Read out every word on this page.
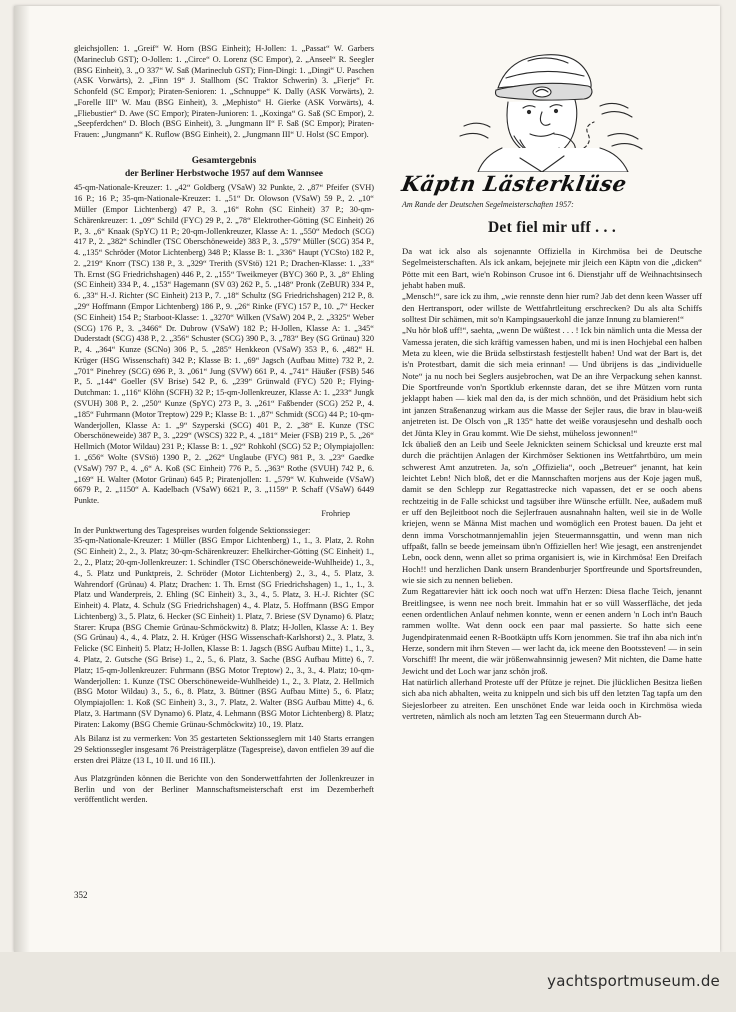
gleichsjollen: 1. „Greif“ W. Horn (BSG Einheit); H-Jollen: 1. „Passat“ W. Garbers (Marineclub GST); O-Jollen: 1. „Circe“ O. Lorenz (SC Empor), 2. „Anseel“ R. Seegler (BSG Einheit), 3. „O 337“ W. Saß (Marineclub GST); Finn-Dingi: 1. „Dingi“ U. Paschen (ASK Vorwärts), 2. „Finn 19“ J. Stallhom (SC Traktor Schwerin) 3. „Fierje“ Fr. Schonfeld (SC Empor); Piraten-Senioren: 1. „Schnuppe“ K. Dally (ASK Vorwärts), 2. „Forelle III“ W. Mau (BSG Einheit), 3. „Mephisto“ H. Gierke (ASK Vorwärts), 4. „Fliebustier“ D. Awe (SC Empor); Piraten-Junioren: 1. „Koxinga“ G. Saß (SC Empor), 2. „Seepferdchen“ D. Bloch (BSG Einheit), 3. „Jungmann II“ F. Saß (SC Empor); Piraten-Frauen: „Jungmann“ K. Ruflow (BSG Einheit), 2. „Jungmann III“ U. Holst (SC Empor).

Gesamtergebnis
der Berliner Herbstwoche 1957 auf dem Wannsee

45-qm-Nationale-Kreuzer: 1. „42“ Goldberg (VSaW) 32 Punkte, 2. „87“ Pfeifer (SVH) 16 P.; 16 P.; 35-qm-Nationale-Kreuzer: 1. „51“ Dr. Olowson (VSaW) 59 P., 2. „10“ Müller (Empor Lichtenberg) 47 P., 3. „16“ Rohn (SC Einheit) 37 P.; 30-qm-Schärenkreuzer: 1. „09“ Schild (FYC) 29 P., 2. „78“ Elektrother-Götting (SC Einheit) 26 P., 3. „6“ Knaak (SpYC) 11 P.; 20-qm-Jollenkreuzer, Klasse A: 1. „550“ Medoch (SCG) 417 P., 2. „382“ Schindler (TSC Oberschöneweide) 383 P., 3. „579“ Müller (SCG) 354 P., 4. „135“ Schröder (Motor Lichtenberg) 348 P.; Klasse B: 1. „336“ Haupt (YCSto) 182 P., 2. „219“ Knorr (TSC) 138 P., 3. „329“ Trerith (SVStö) 121 P.; Drachen-Klasse: 1. „33“ Th. Ernst (SG Friedrichshagen) 446 P., 2. „155“ Tweikmeyer (BYC) 360 P., 3. „8“ Ehling (SC Einheit) 334 P., 4. „153“ Hagemann (SV 03) 262 P., 5. „148“ Pronk (ZeBUR) 334 P., 6. „33“ H.-J. Richter (SC Einheit) 213 P., 7. „18“ Schultz (SG Friedrichshagen) 212 P., 8. „29“ Hoffmann (Empor Lichtenberg) 186 P., 9. „26“ Rinke (FYC) 157 P., 10. „7“ Hecker (SC Einheit) 154 P.; Starboot-Klasse: 1. „3270“ Wilken (VSaW) 204 P., 2. „3325“ Weber (SCG) 176 P., 3. „3466“ Dr. Dubrow (VSaW) 182 P.; H-Jollen, Klasse A: 1. „345“ Duderstadt (SCG) 438 P., 2. „356“ Schuster (SCG) 390 P., 3. „783“ Bey (SG Grünau) 320 P., 4. „364“ Kunze (SCNo) 306 P., 5. „285“ Henkkeon (VSaW) 353 P., 6. „482“ H. Krüger (HSG Wissenschaft) 342 P.; Klasse B: 1. „69“ Jagsch (Aufbau Mitte) 732 P., 2. „701“ Pinehrey (SCG) 696 P., 3. „061“ Jung (SVW) 661 P., 4. „741“ Häußer (FSB) 546 P., 5. „144“ Goeller (SV Brise) 542 P., 6. „239“ Grünwald (FYC) 520 P.; Flying-Dutchman: 1. „116“ Klöhn (SCFH) 32 P.; 15-qm-Jollenkreuzer, Klasse A: 1. „233“ Jungk (SVUH) 308 P., 2. „250“ Kunze (SpYC) 273 P., 3. „261“ Faßbender (SCG) 252 P., 4. „185“ Fuhrmann (Motor Treptow) 229 P.; Klasse B: 1. „87“ Schmidt (SCG) 44 P.; 10-qm-Wanderjollen, Klasse A: 1. „9“ Szyperski (SCG) 401 P., 2. „38“ E. Kunze (TSC Oberschöneweide) 387 P., 3. „229“ (WSCS) 322 P., 4. „181“ Meier (FSB) 219 P., 5. „26“ Hellmich (Motor Wildau) 231 P.; Klasse B: 1. „92“ Rohkohl (SCG) 52 P.; Olympiajollen: 1. „656“ Wolte (SVStö) 1390 P., 2. „262“ Unglaube (FYC) 981 P., 3. „23“ Gaedke (VSaW) 797 P., 4. „6“ A. Koß (SC Einheit) 776 P., 5. „363“ Rothe (SVUH) 742 P., 6. „169“ H. Walter (Motor Grünau) 645 P.; Piratenjollen: 1. „579“ W. Kuhweide (VSaW) 6679 P., 2. „1150“ A. Kadelbach (VSaW) 6621 P., 3. „1159“ P. Schaff (VSaW) 6449 Punkte.

Frohriep

In der Punktwertung des Tagespreises wurden folgende Sektionssieger:

35-qm-Nationale-Kreuzer: 1 Müller (BSG Empor Lichtenberg) 1., 1., 3. Platz, 2. Rohn (SC Einheit) 2., 2., 3. Platz; 30-qm-Schärenkreuzer: Ehelkircher-Götting (SC Einheit) 1., 2., 2., Platz; 20-qm-Jollenkreuzer: 1. Schindler (TSC Oberschöneweide-Wuhlheide) 1., 3., 4., 5. Platz und Punktpreis, 2. Schröder (Motor Lichtenberg) 2., 3., 4., 5. Platz, 3. Wahrendorf (Grünau) 4. Platz; Drachen: 1. Th. Ernst (SG Friedrichshagen) 1., 1., 1., 3. Platz und Wanderpreis, 2. Ehling (SC Einheit) 3., 3., 4., 5. Platz, 3. H.-J. Richter (SC Einheit) 4. Platz, 4. Schulz (SG Friedrichshagen) 4., 4. Platz, 5. Hoffmann (BSG Empor Lichtenberg) 3., 5. Platz, 6. Hecker (SC Einheit) 1. Platz, 7. Briese (SV Dynamo) 6. Platz; Starer: Krupa (BSG Chemie Grünau-Schmöckwitz) 8. Platz; H-Jollen, Klasse A: 1. Bey (SG Grünau) 4., 4., 4. Platz, 2. H. Krüger (HSG Wissenschaft-Karlshorst) 2., 3. Platz, 3. Felicke (SC Einheit) 5. Platz; H-Jollen, Klasse B: 1. Jagsch (BSG Aufbau Mitte) 1., 1., 3., 4. Platz, 2. Gutsche (SG Brise) 1., 2., 5., 6. Platz, 3. Sache (BSG Aufbau Mitte) 6., 7. Platz; 15-qm-Jollenkreuzer: Fuhrmann (BSG Motor Treptow) 2., 3., 3., 4. Platz; 10-qm-Wanderjollen: 1. Kunze (TSC Oberschöneweide-Wuhlheide) 1., 2., 3. Platz, 2. Hellmich (BSG Motor Wildau) 3., 5., 6., 8. Platz, 3. Büttner (BSG Aufbau Mitte) 5., 6. Platz; Olympiajollen: 1. Koß (SC Einheit) 3., 3., 7. Platz, 2. Walter (BSG Aufbau Mitte) 4., 6. Platz, 3. Hartmann (SV Dynamo) 6. Platz, 4. Lehmann (BSG Motor Lichtenberg) 8. Platz; Piraten: Lakomy (BSG Chemie Grünau-Schmöckwitz) 10., 19. Platz.

Als Bilanz ist zu vermerken: Von 35 gestarteten Sektionsseglern mit 140 Starts errangen 29 Sektionssegler insgesamt 76 Preisträgerplätze (Tagespreise), davon entfielen 39 auf die ersten drei Plätze (13 I., 10 II. und 16 III.).

Aus Platzgründen können die Berichte von den Sonderwettfahrten der Jollenkreuzer in Berlin und von der Berliner Mannschaftsmeisterschaft erst im Dezemberheft veröffentlicht werden.

Käptn Lästerklüse
Am Rande der Deutschen Segelmeisterschaften 1957:
Det fiel mir uff . . .

Da wat ick also als sojenannte Offiziella in Kirchmösa bei de Deutsche Segelmeisterschaften. Als ick ankam, bejejnete mir jleich een Käptn von die „dicken“ Pötte mit een Bart, wie'n Robinson Crusoe int 6. Dienstjahr uff de Weihnachtsinsech jehabt haben muß.

„Mensch!“, sare ick zu ihm, „wie rennste denn hier rum? Jab det denn keen Wasser uff den Hertransport, oder willste de Wettfahrtleitung erschrecken? Du als alta Schiffs solltest Dir schämen, mit so'n Kampingsauerkohl die janze Innung zu blamieren!“

„Nu hör bloß uff!“, saehta, „wenn De wüßtest . . . ! Ick bin nämlich unta die Messa der Vamessa jeraten, die sich kräftig vamessen haben, und mi is inen Hochjebal een halben Meta zu kleen, wie die Brüda selbstirstash festjestellt haben! Und wat der Bart is, det is'n Protestbart, damit die sich meia erinnan! — Und übrijens is das „individuelle Note“ ja nu noch bei Seglers ausjebrochen, wat De an ihre Verpackung sehen kannst. Die Sportfreunde von'n Sportklub erkennste daran, det se ihre Mützen vorn runta jeklappt haben — kiek mal den da, is der mich schnöön, und det Präsidium hebt sich int janzen Straßenanzug wirkam aus die Masse der Sejler raus, die brav in blau-weiß anjetreten ist. De Olsch von „R 135“ hatte det weiße vorausjesehn und deshalb ooch det Jünta Kley in Grau kommt. Wie De siehst, müheloss jewonnen!“

Ick übaließ den an Leib und Seele Jeknickten seinem Schicksal und kreuzte erst mal durch die prächtijen Anlagen der Kirchmöser Sektionen ins Wettfahrtbüro, um mein schwerest Amt anzutreten. Ja, so'n „Offizielia“, ooch „Betreuer“ jenannt, hat kein leichtet Lebn! Nich bloß, det er die Mannschaften morjens aus der Koje jagen muß, damit se den Schlepp zur Regattastrecke nich vapassen, det er se ooch abens rechtzeitig in de Falle schickst und tagsüber ihre Wünsche erfüllt. Nee, außadem muß er uff den Bejleitboot noch die Sejlerfrauen ausnahnahn halten, weil sie in de Wolle kriejen, wenn se Männa Mist machen und womöglich een Protest bauen. Da jeht et denn imma Vorschotmannjemahlin jejen Steuermannsgattin, und wenn man nich uffpaßt, falln se beede jemeinsam übn'n Offiziellen her! Wie jesagt, een anstrenjendet Lebn, oock denn, wenn allet so prima organisiert is, wie in Kirchmösa! Een Dreifach Hoch!! und herzlichen Dank unsern Brandenburjer Sportfreunde und Sportsfreunden, wie sie sich zu nennen belieben.

Zum Regattarevier hätt ick ooch noch wat uff'n Herzen: Diesa flache Teich, jenannt Breitlingsee, is wenn nee noch breit. Immahin hat er so vüll Wasserfläche, det jeda eenen ordentlichen Anlauf nehmen konnte, wenn er eenen andern 'n Loch int'n Bauch rammen wollte. Wat denn oock een paar mal passierte. So hatte sich eene Jugendpiratenmaid eenen R-Bootkäptn uffs Korn jenommen. Sie traf ihn aba nich int'n Herze, sondern mit ihrn Steven — wer lacht da, ick meene den Bootssteven! — in sein Vorschiff! Ihr meent, die wär jrößenwahnsinnig jewesen? Mit nichten, die Dame hatte Jewicht und det Loch war janz schön jroß.

Hat natürlich allerhand Proteste uff der Pfütze je rejnet. Die jlücklichen Besitza ließen sich aba nich abhalten, weita zu knippeln und sich bis uff den letzten Tag tapfa um den Siejeslorbeer zu atreiten. Een unschönet Ende war leida ooch in Kirchmösa wieda vertreten, nämlich als noch am letzten Tag een Steuermann durch Ab-

352
yachtsportmuseum.de
